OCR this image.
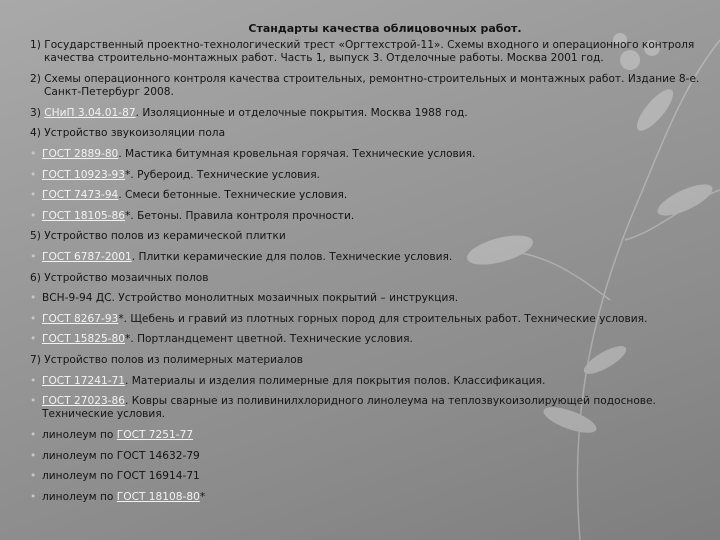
Стандарты качества облицовочных работ.
1) Государственный проектно-технологический трест «Оргтехстрой-11». Схемы входного и операционного контроля качества строительно-монтажных работ. Часть 1, выпуск 3. Отделочные работы. Москва 2001 год.
2) Схемы операционного контроля качества строительных, ремонтно-строительных и монтажных работ. Издание 8-е. Санкт-Петербург 2008.
3) СНиП 3.04.01-87. Изоляционные и отделочные покрытия. Москва 1988 год.
4) Устройство звукоизоляции пола
• ГОСТ 2889-80. Мастика битумная кровельная горячая. Технические условия.
• ГОСТ 10923-93*. Рубероид. Технические условия.
• ГОСТ 7473-94. Смеси бетонные. Технические условия.
• ГОСТ 18105-86*. Бетоны. Правила контроля прочности.
5) Устройство полов из керамической плитки
• ГОСТ 6787-2001. Плитки керамические для полов. Технические условия.
6) Устройство мозаичных полов
• ВСН-9-94 ДС. Устройство монолитных мозаичных покрытий – инструкция.
• ГОСТ 8267-93*. Щебень и гравий из плотных горных пород для строительных работ. Технические условия.
• ГОСТ 15825-80*. Портландцемент цветной. Технические условия.
7) Устройство полов из полимерных материалов
• ГОСТ 17241-71. Материалы и изделия полимерные для покрытия полов. Классификация.
• ГОСТ 27023-86. Ковры сварные из поливинилхлоридного линолеума на теплозвукоизолирующей подоснове. Технические условия.
• линолеум по ГОСТ 7251-77
• линолеум по ГОСТ 14632-79
• линолеум по ГОСТ 16914-71
• линолеум по ГОСТ 18108-80*
